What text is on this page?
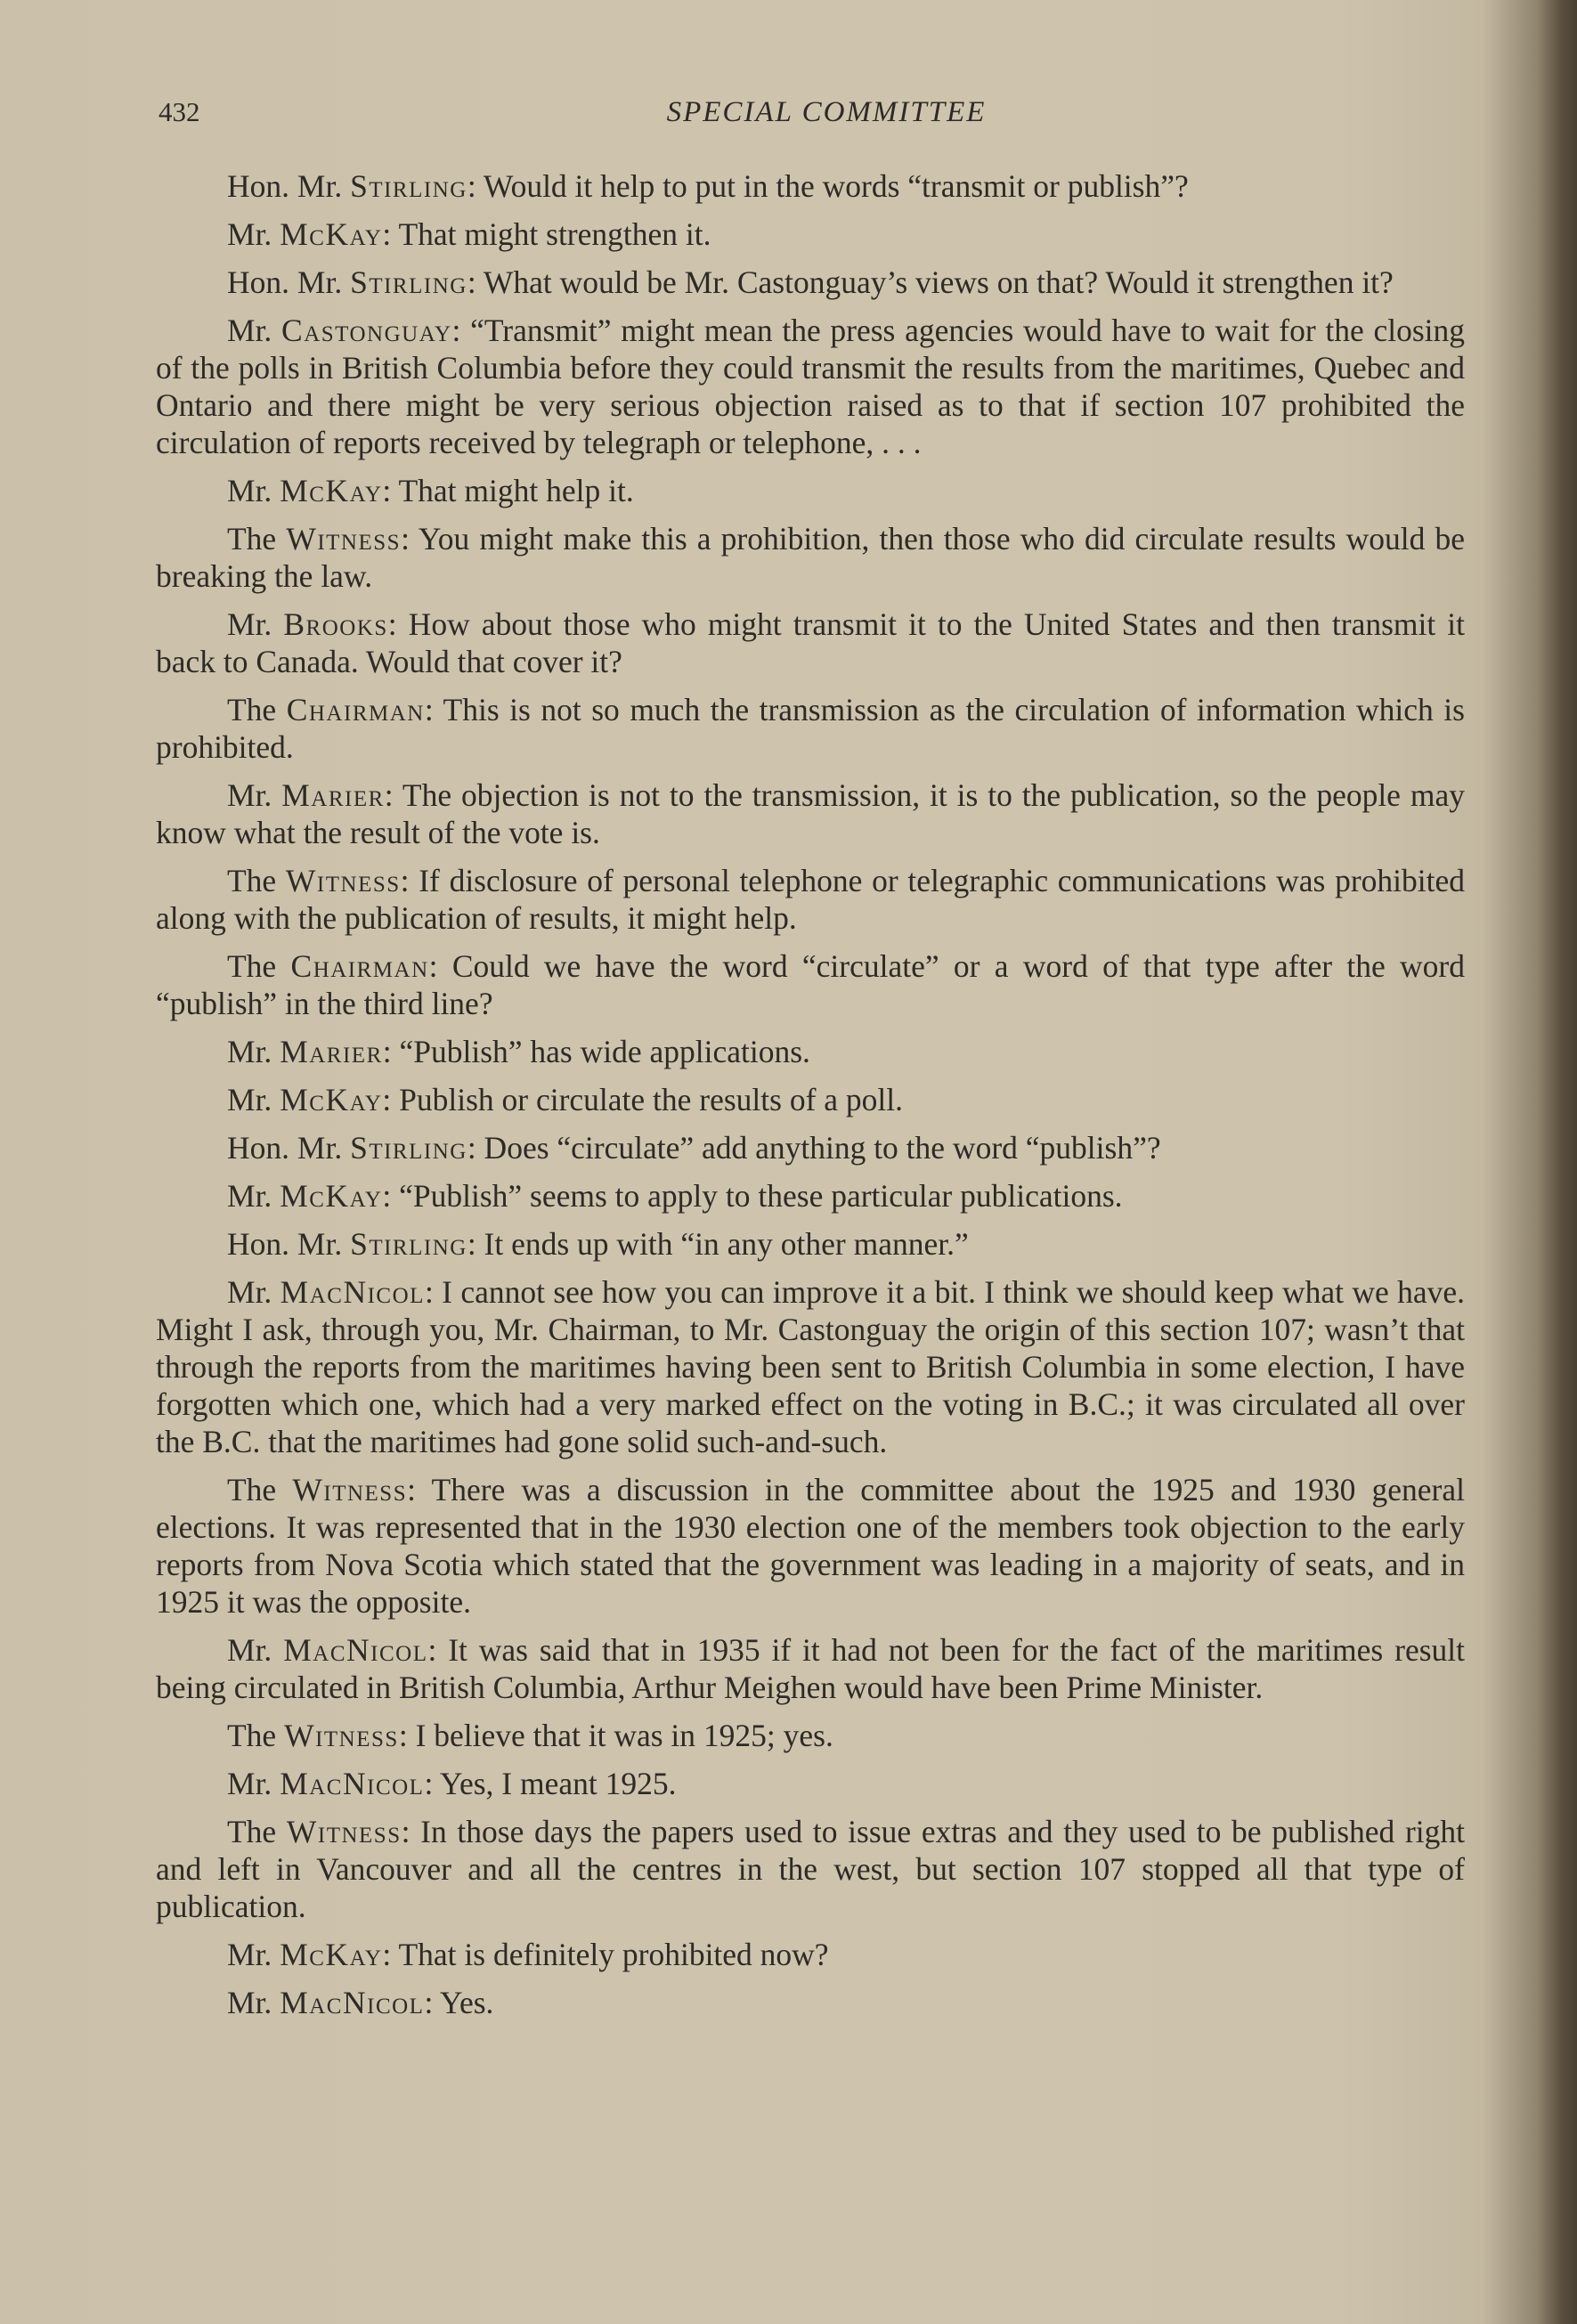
432	SPECIAL COMMITTEE

Hon. Mr. Stirling: Would it help to put in the words “transmit or publish”?

Mr. McKay: That might strengthen it.

Hon. Mr. Stirling: What would be Mr. Castonguay’s views on that? Would it strengthen it?

Mr. Castonguay: “Transmit” might mean the press agencies would have to wait for the closing of the polls in British Columbia before they could transmit the results from the maritimes, Quebec and Ontario and there might be very serious objection raised as to that if section 107 prohibited the circulation of reports received by telegraph or telephone, . . .

Mr. McKay: That might help it.

The Witness: You might make this a prohibition, then those who did circulate results would be breaking the law.

Mr. Brooks: How about those who might transmit it to the United States and then transmit it back to Canada. Would that cover it?

The Chairman: This is not so much the transmission as the circulation of information which is prohibited.

Mr. Marier: The objection is not to the transmission, it is to the publication, so the people may know what the result of the vote is.

The Witness: If disclosure of personal telephone or telegraphic communications was prohibited along with the publication of results, it might help.

The Chairman: Could we have the word “circulate” or a word of that type after the word “publish” in the third line?

Mr. Marier: “Publish” has wide applications.

Mr. McKay: Publish or circulate the results of a poll.

Hon. Mr. Stirling: Does “circulate” add anything to the word “publish”?

Mr. McKay: “Publish” seems to apply to these particular publications.

Hon. Mr. Stirling: It ends up with “in any other manner.”

Mr. MacNicol: I cannot see how you can improve it a bit. I think we should keep what we have. Might I ask, through you, Mr. Chairman, to Mr. Castonguay the origin of this section 107; wasn’t that through the reports from the maritimes having been sent to British Columbia in some election, I have forgotten which one, which had a very marked effect on the voting in B.C.; it was circulated all over the B.C. that the maritimes had gone solid such-and-such.

The Witness: There was a discussion in the committee about the 1925 and 1930 general elections. It was represented that in the 1930 election one of the members took objection to the early reports from Nova Scotia which stated that the government was leading in a majority of seats, and in 1925 it was the opposite.

Mr. MacNicol: It was said that in 1935 if it had not been for the fact of the maritimes result being circulated in British Columbia, Arthur Meighen would have been Prime Minister.

The Witness: I believe that it was in 1925; yes.

Mr. MacNicol: Yes, I meant 1925.

The Witness: In those days the papers used to issue extras and they used to be published right and left in Vancouver and all the centres in the west, but section 107 stopped all that type of publication.

Mr. McKay: That is definitely prohibited now?

Mr. MacNicol: Yes.
